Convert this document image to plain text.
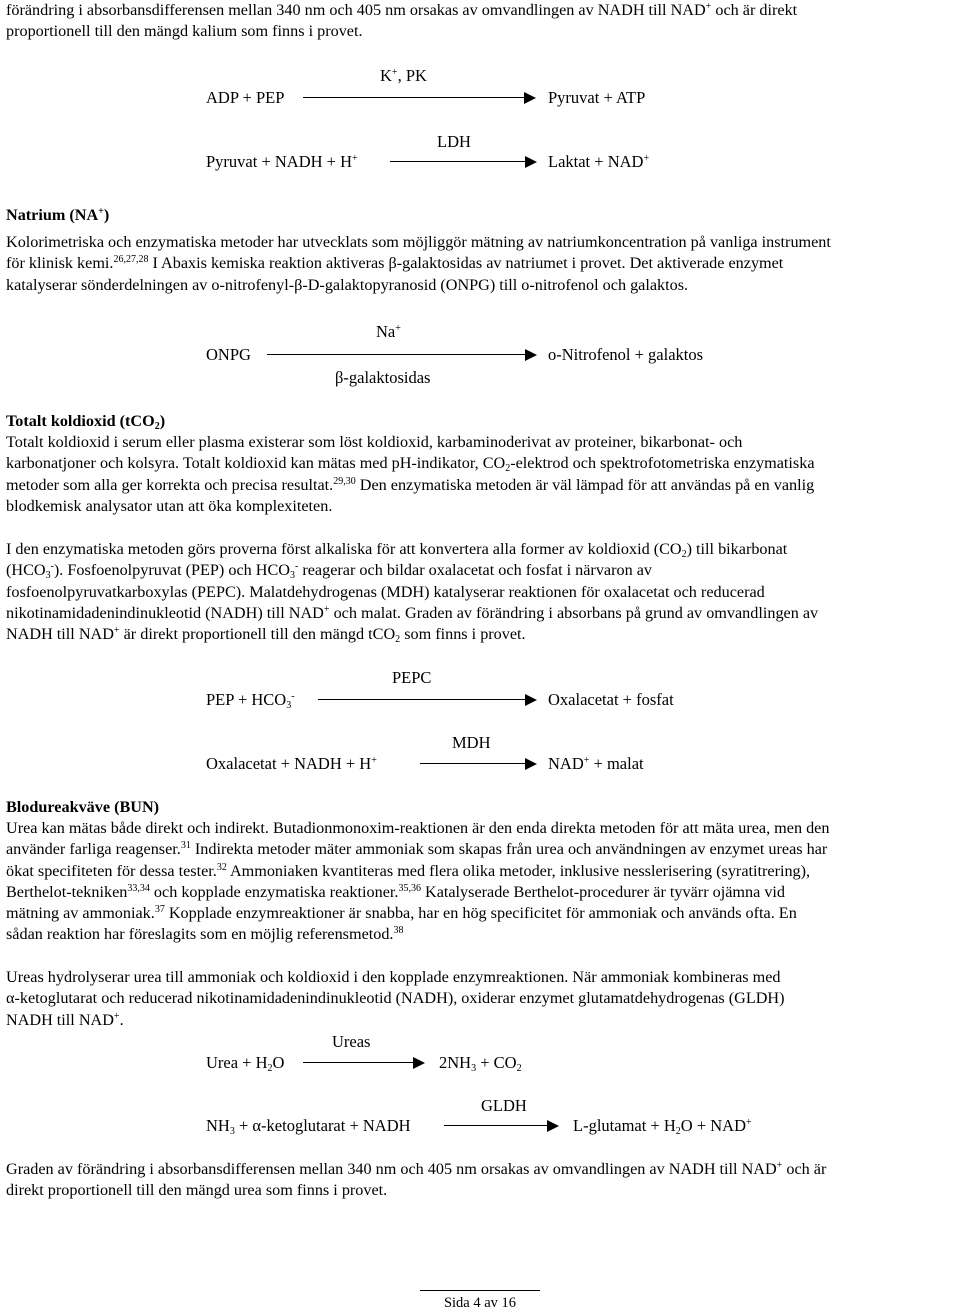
förändring i absorbansdifferensen mellan 340 nm och 405 nm orsakas av omvandlingen av NADH till NAD+ och är direkt
proportionell till den mängd kalium som finns i provet.

ADP + PEP
K+, PK
Pyruvat + ATP
Pyruvat + NADH + H+
LDH
Laktat + NAD+

Natrium (NA+)

Kolorimetriska och enzymatiska metoder har utvecklats som möjliggör mätning av natriumkoncentration på vanliga instrument
för klinisk kemi.$^{26,27,28}$ I Abaxis kemiska reaktion aktiveras β-galaktosidas av natriumet i provet. Det aktiverade enzymet
katalyserar sönderdelningen av ο-nitrofenyl-β-D-galaktopyranosid (ONPG) till ο-nitrofenol och galaktos.

ONPG
Na+
β-galaktosidas
ο-Nitrofenol + galaktos

Totalt koldioxid (tCO$_2$)

Totalt koldioxid i serum eller plasma existerar som löst koldioxid, karbaminoderivat av proteiner, bikarbonat- och
karbonatjoner och kolsyra. Totalt koldioxid kan mätas med pH-indikator, $CO_2$-elektrod och spektrofotometriska enzymatiska
metoder som alla ger korrekta och precisa resultat.$^{29,30}$ Den enzymatiska metoden är väl lämpad för att användas på en vanlig
blodkemisk analysator utan att öka komplexiteten.

I den enzymatiska metoden görs proverna först alkaliska för att konvertera alla former av koldioxid $(CO_2)$ till bikarbonat
$(HCO_3^-)$. Fosfoenolpyruvat (PEP) och $HCO_3^-$ reagerar och bildar oxalacetat och fosfat i närvaron av
fosfoenolpyruvatkarboxylas (PEPC). Malatdehydrogenas (MDH) katalyserar reaktionen för oxalacetat och reducerad
nikotinamidadenindinukleotid (NADH) till NAD+ och malat. Graden av förändring i absorbans på grund av omvandlingen av
NADH till NAD+ är direkt proportionell till den mängd tCO$_2$ som finns i provet.

PEP + $HCO_3^-$
PEPC
Oxalacetat + fosfat
Oxalacetat + NADH + H+
MDH
NAD+ + malat

Blodureakväve (BUN)

Urea kan mätas både direkt och indirekt. Butadionmonoxim-reaktionen är den enda direkta metoden för att mäta urea, men den
använder farliga reagenser.$^{31}$ Indirekta metoder mäter ammoniak som skapas från urea och användningen av enzymet ureas har
ökat specifiteten för dessa tester.$^{32}$ Ammoniaken kvantiteras med flera olika metoder, inklusive nesslerisering (syratitrering),
Berthelot-tekniken$^{33,34}$ och kopplade enzymatiska reaktioner.$^{35,36}$ Katalyserade Berthelot-procedurer är tyvärr ojämna vid
mätning av ammoniak.$^{37}$ Kopplade enzymreaktioner är snabba, har en hög specificitet för ammoniak och används ofta. En
sådan reaktion har föreslagits som en möjlig referensmetod.$^{38}$

Ureas hydrolyserar urea till ammoniak och koldioxid i den kopplade enzymreaktionen. När ammoniak kombineras med
α-ketoglutarat och reducerad nikotinamidadenindinukleotid (NADH), oxiderar enzymet glutamatdehydrogenas (GLDH)
NADH till NAD+.

Urea + $H_2O$
Ureas
$2NH_3 + CO_2$
$NH_3$ + α-ketoglutarat + NADH
GLDH
L-glutamat + $H_2O + NAD^+$

Graden av förändring i absorbansdifferensen mellan 340 nm och 405 nm orsakas av omvandlingen av NADH till NAD+ och är
direkt proportionell till den mängd urea som finns i provet.

Sida 4 av 16
